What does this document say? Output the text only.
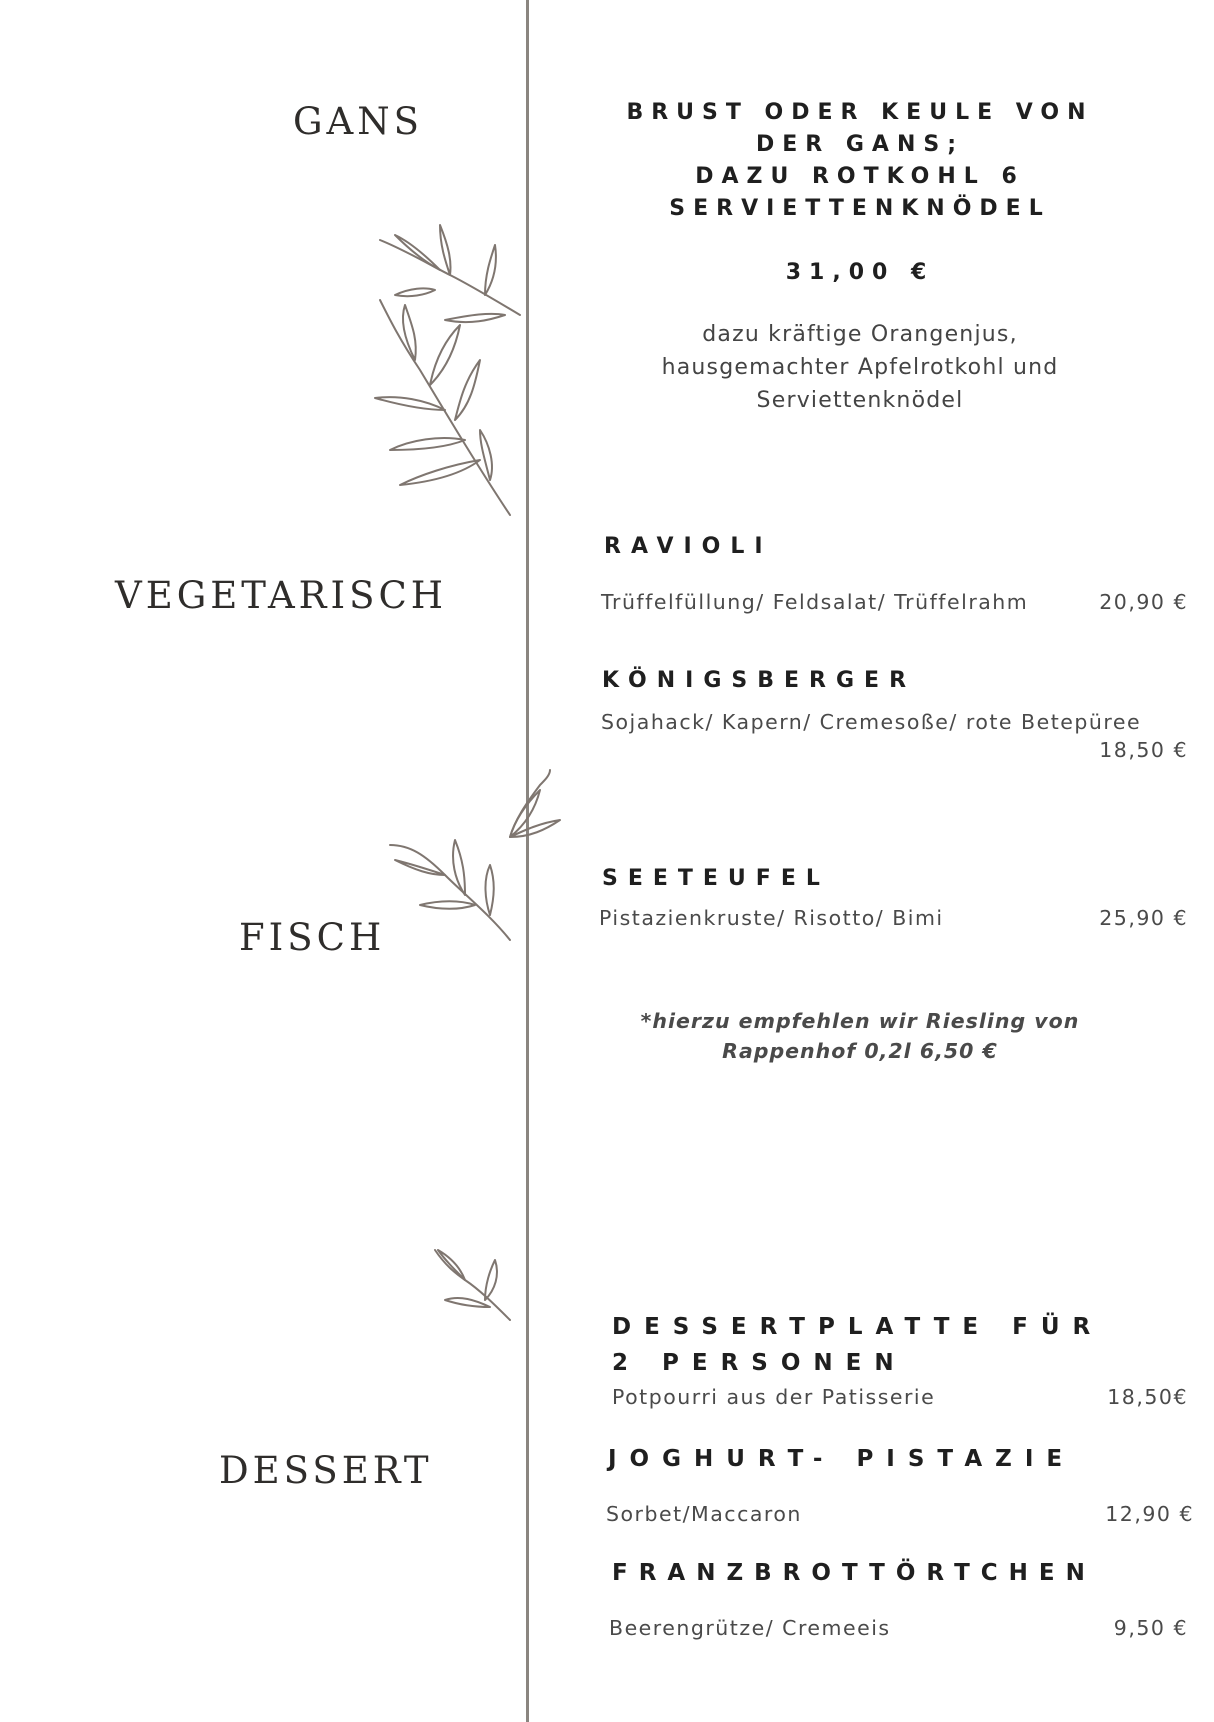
GANS
VEGETARISCH
FISCH
DESSERT
BRUST ODER KEULE VON
DER GANS;
DAZU ROTKOHL 6
SERVIETTENKNÖDEL
31,00 €
dazu kräftige Orangenjus,
hausgemachter Apfelrotkohl und
Serviettenknödel
RAVIOLI
Trüffelfüllung/ Feldsalat/ Trüffelrahm	20,90 €
KÖNIGSBERGER
Sojahack/ Kapern/ Cremesoße/ rote Betepüree
18,50 €
SEETEUFEL
Pistazienkruste/ Risotto/ Bimi	25,90 €
*hierzu empfehlen wir Riesling von
Rappenhof 0,2l 6,50 €
DESSERTPLATTE FÜR
2 PERSONEN
Potpourri aus der Patisserie	18,50€
JOGHURT- PISTAZIE
Sorbet/Maccaron	12,90 €
FRANZBROTTÖRTCHEN
Beerengrütze/ Cremeeis	9,50 €
